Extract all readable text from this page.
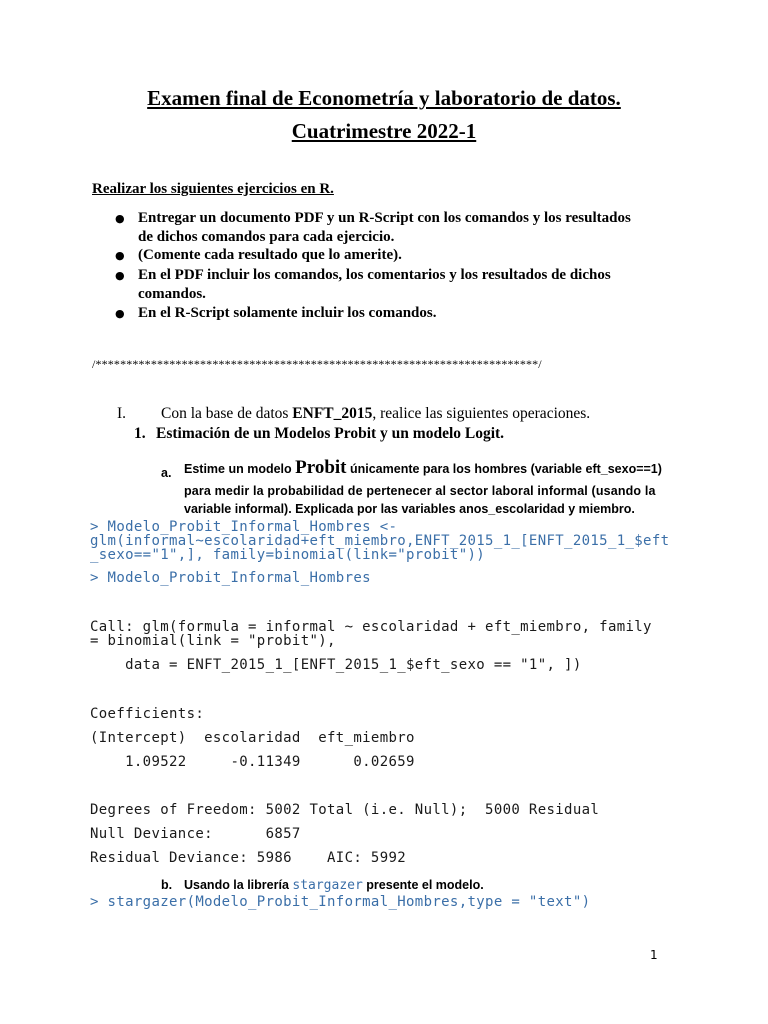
Examen final de Econometría y laboratorio de datos.
Cuatrimestre 2022-1
Realizar los siguientes ejercicios en R.
● Entregar un documento PDF y un R-Script con los comandos y los resultados
de dichos comandos para cada ejercicio.
● (Comente cada resultado que lo amerite).
● En el PDF incluir los comandos, los comentarios y los resultados de dichos
comandos.
● En el R-Script solamente incluir los comandos.
/************************************************************************/
I. Con la base de datos ENFT_2015, realice las siguientes operaciones.
1. Estimación de un Modelos Probit y un modelo Logit.
a. Estime un modelo Probit únicamente para los hombres (variable eft_sexo==1)
para medir la probabilidad de pertenecer al sector laboral informal (usando la
variable informal). Explicada por las variables anos_escolaridad y miembro.
> Modelo_Probit_Informal_Hombres <-
glm(informal~escolaridad+eft_miembro,ENFT_2015_1_[ENFT_2015_1_$eft
_sexo=="1",], family=binomial(link="probit"))
> Modelo_Probit_Informal_Hombres
Call: glm(formula = informal ~ escolaridad + eft_miembro, family
= binomial(link = "probit"),
data = ENFT_2015_1_[ENFT_2015_1_$eft_sexo == "1", ])
Coefficients:
(Intercept)  escolaridad  eft_miembro
1.09522     -0.11349      0.02659
Degrees of Freedom: 5002 Total (i.e. Null);  5000 Residual
Null Deviance:      6857
Residual Deviance: 5986    AIC: 5992
b. Usando la librería stargazer presente el modelo.
> stargazer(Modelo_Probit_Informal_Hombres,type = "text")
1
